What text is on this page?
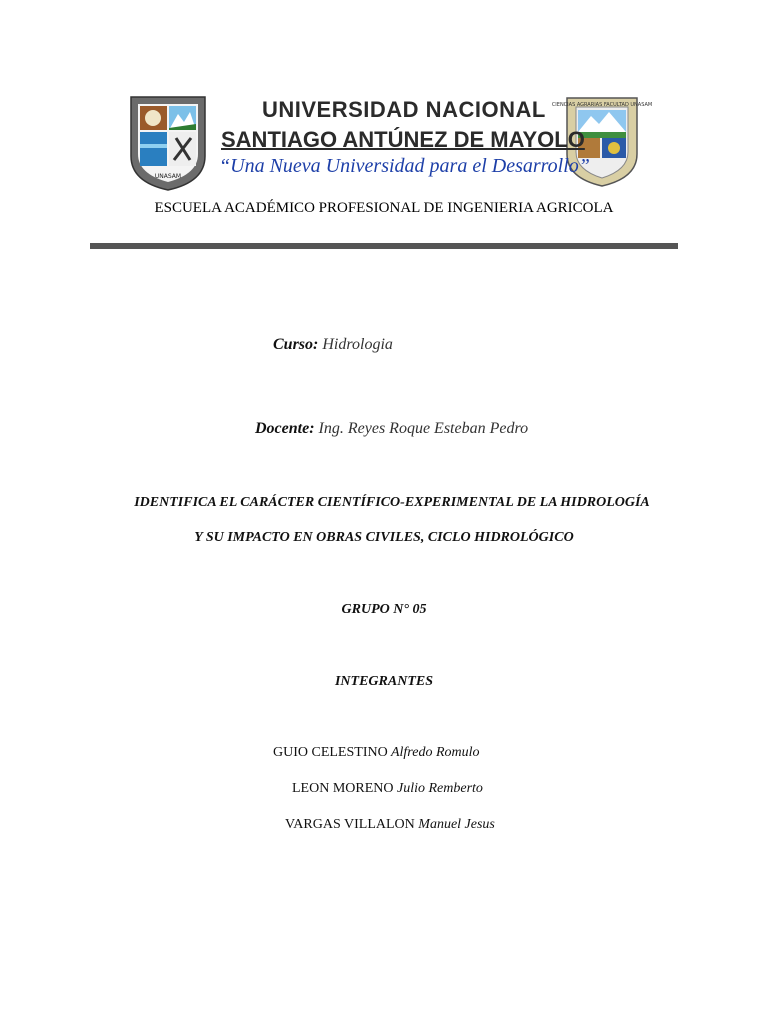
UNASAM
CIENCIAS AGRARIAS FACULTAD UNASAM
UNIVERSIDAD NACIONAL
SANTIAGO ANTÚNEZ DE MAYOLO
“Una Nueva Universidad para el Desarrollo”
ESCUELA ACADÉMICO PROFESIONAL DE INGENIERIA AGRICOLA
Curso: Hidrologia
Docente: Ing. Reyes Roque Esteban Pedro
IDENTIFICA EL CARÁCTER CIENTÍFICO-EXPERIMENTAL DE LA HIDROLOGÍA
Y SU IMPACTO EN OBRAS CIVILES, CICLO HIDROLÓGICO
GRUPO N° 05
INTEGRANTES
GUIO CELESTINO Alfredo Romulo
LEON MORENO Julio Remberto
VARGAS VILLALON Manuel Jesus
